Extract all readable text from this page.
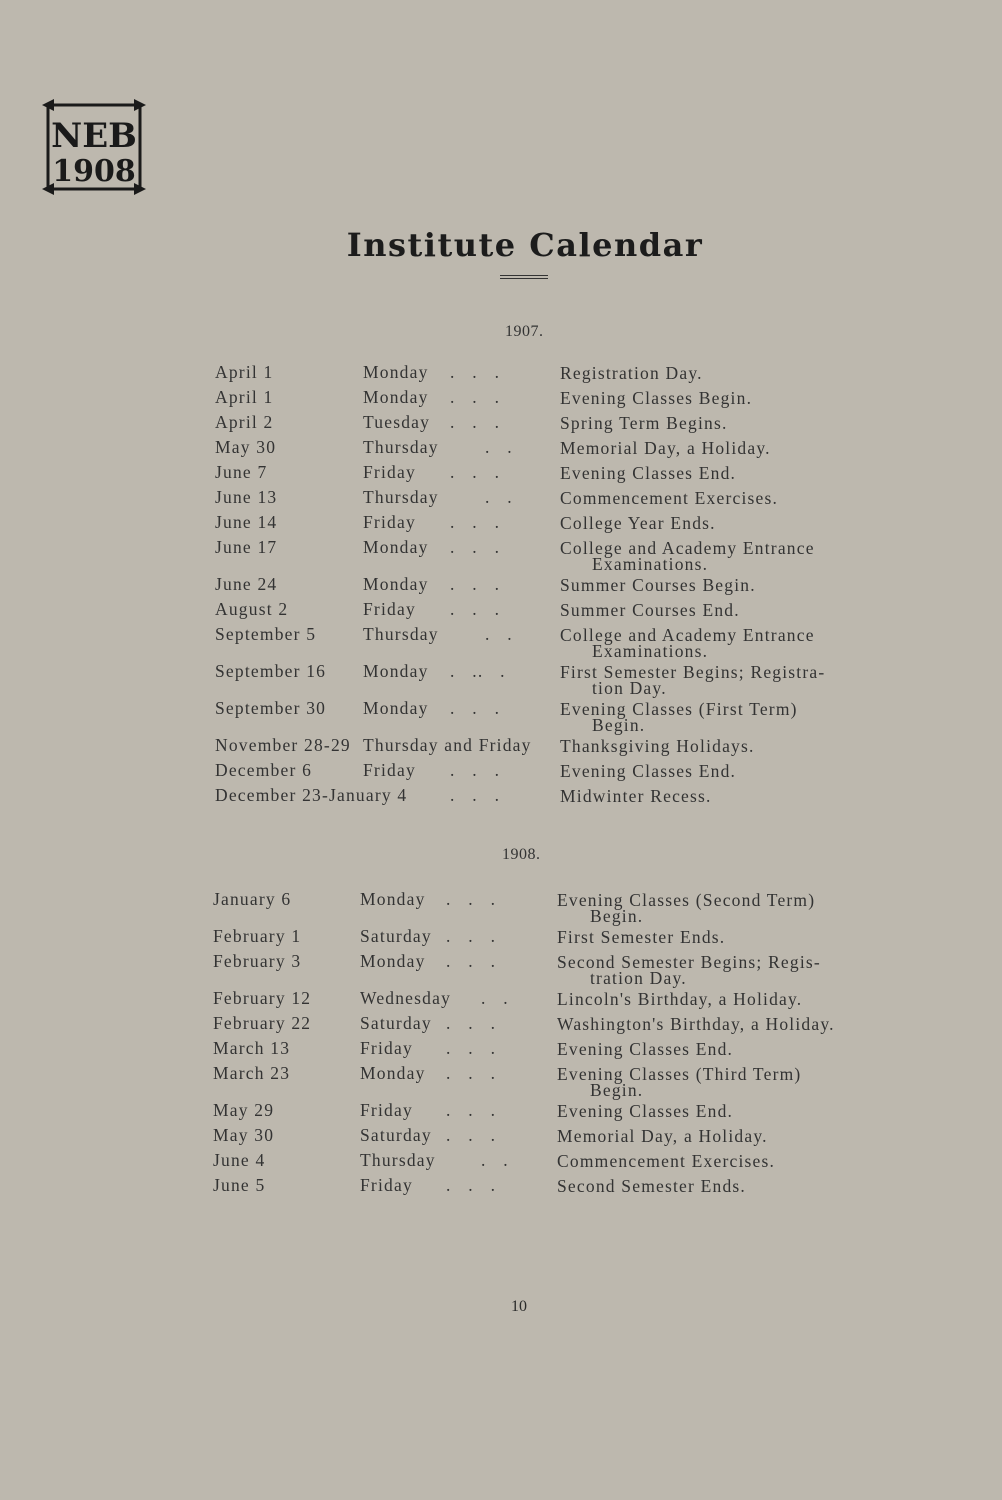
NEB
1908
Institute Calendar
1907.
April 1	Monday .   .   .	Registration Day.
April 1	Monday .   .   .	Evening Classes Begin.
April 2	Tuesday .   .   .	Spring Term Begins.
May 30	Thursday	.   .	Memorial Day, a Holiday.
June 7	Friday .   .   .	Evening Classes End.
June 13	Thursday	.   .	Commencement Exercises.
June 14	Friday .   .   .	College Year Ends.
June 17	Monday .   .   .	College and Academy Entrance
Examinations.
June 24	Monday .   .   .	Summer Courses Begin.
August 2	Friday .   .   .	Summer Courses End.
September 5	Thursday	.   .	College and Academy Entrance
Examinations.
September 16 Monday .   ..   .	First Semester Begins; Registra-
tion Day.
September 30 Monday .   .   .	Evening Classes (First Term)
Begin.
November 28-29 Thursday and Friday Thanksgiving Holidays.
December 6	Friday .   .   .	Evening Classes End.
December 23-January 4 .   .   .	Midwinter Recess.
1908.
January 6	Monday .   .   .	Evening Classes (Second Term)
Begin.
February 1	Saturday .   .   .	First Semester Ends.
February 3	Monday .   .   .	Second Semester Begins; Regis-
tration Day.
February 12	Wednesday .   .	Lincoln's Birthday, a Holiday.
February 22	Saturday .   .   .	Washington's Birthday, a Holiday.
March 13	Friday .   .   .	Evening Classes End.
March 23	Monday .   .   .	Evening Classes (Third Term)
Begin.
May 29	Friday .   .   .	Evening Classes End.
May 30	Saturday .   .   .	Memorial Day, a Holiday.
June 4	Thursday	.   .	Commencement Exercises.
June 5	Friday .   .   .	Second Semester Ends.
10
